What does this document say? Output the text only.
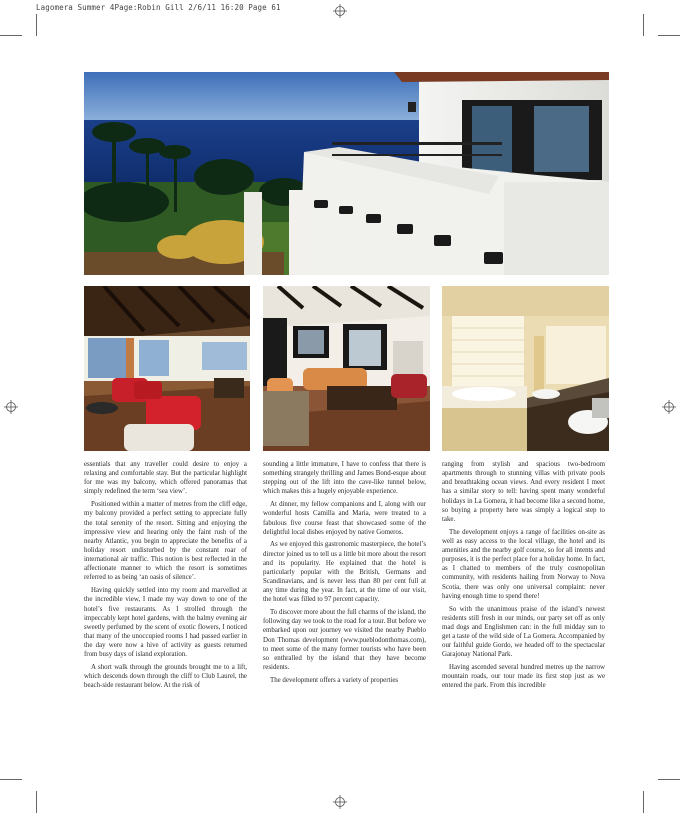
Lagomera Summer 4Page:Robin Gill 2/6/11 16:20 Page 61

essentials that any traveller could desire to enjoy a relaxing and comfortable stay. But the particular highlight for me was my balcony, which offered panoramas that simply redefined the term ‘sea view’.

Positioned within a matter of metres from the cliff edge, my balcony provided a perfect setting to appreciate fully the total serenity of the resort. Sitting and enjoying the impressive view and hearing only the faint rush of the nearby Atlantic, you begin to appreciate the benefits of a holiday resort undisturbed by the constant roar of international air traffic. This notion is best reflected in the affectionate manner to which the resort is sometimes referred to as being ‘an oasis of silence’.

Having quickly settled into my room and marvelled at the incredible view, I made my way down to one of the hotel’s five restaurants. As I strolled through the impeccably kept hotel gardens, with the balmy evening air sweetly perfumed by the scent of exotic flowers, I noticed that many of the unoccupied rooms I had passed earlier in the day were now a hive of activity as guests returned from busy days of island exploration.

A short walk through the grounds brought me to a lift, which descends down through the cliff to Club Laurel, the beach-side restaurant below. At the risk of

sounding a little immature, I have to confess that there is something strangely thrilling and James Bond-esque about stepping out of the lift into the cave-like tunnel below, which makes this a hugely enjoyable experience.

At dinner, my fellow companions and I, along with our wonderful hosts Camilla and Maria, were treated to a fabulous five course feast that showcased some of the delightful local dishes enjoyed by native Gomeros.

As we enjoyed this gastronomic masterpiece, the hotel’s director joined us to tell us a little bit more about the resort and its popularity. He explained that the hotel is particularly popular with the British, Germans and Scandinavians, and is never less than 80 per cent full at any time during the year. In fact, at the time of our visit, the hotel was filled to 97 percent capacity.

To discover more about the full charms of the island, the following day we took to the road for a tour. But before we embarked upon our journey we visited the nearby Pueblo Don Thomas development (www.pueblodonthomas.com), to meet some of the many former tourists who have been so enthralled by the island that they have become residents.

The development offers a variety of properties

ranging from stylish and spacious two-bedroom apartments through to stunning villas with private pools and breathtaking ocean views. And every resident I meet has a similar story to tell: having spent many wonderful holidays in La Gomera, it had become like a second home, so buying a property here was simply a logical step to take.

The development enjoys a range of facilities on-site as well as easy access to the local village, the hotel and its amenities and the nearby golf course, so for all intents and purposes, it is the perfect place for a holiday home. In fact, as I chatted to members of the truly cosmopolitan community, with residents hailing from Norway to Nova Scotia, there was only one universal complaint: never having enough time to spend there!

So with the unanimous praise of the island’s newest residents still fresh in our minds, our party set off as only mad dogs and Englishmen can: in the full midday sun to get a taste of the wild side of La Gomera. Accompanied by our faithful guide Gordo, we headed off to the spectacular Garajonay National Park.

Having ascended several hundred metres up the narrow mountain roads, our tour made its first stop just as we entered the park. From this incredible
